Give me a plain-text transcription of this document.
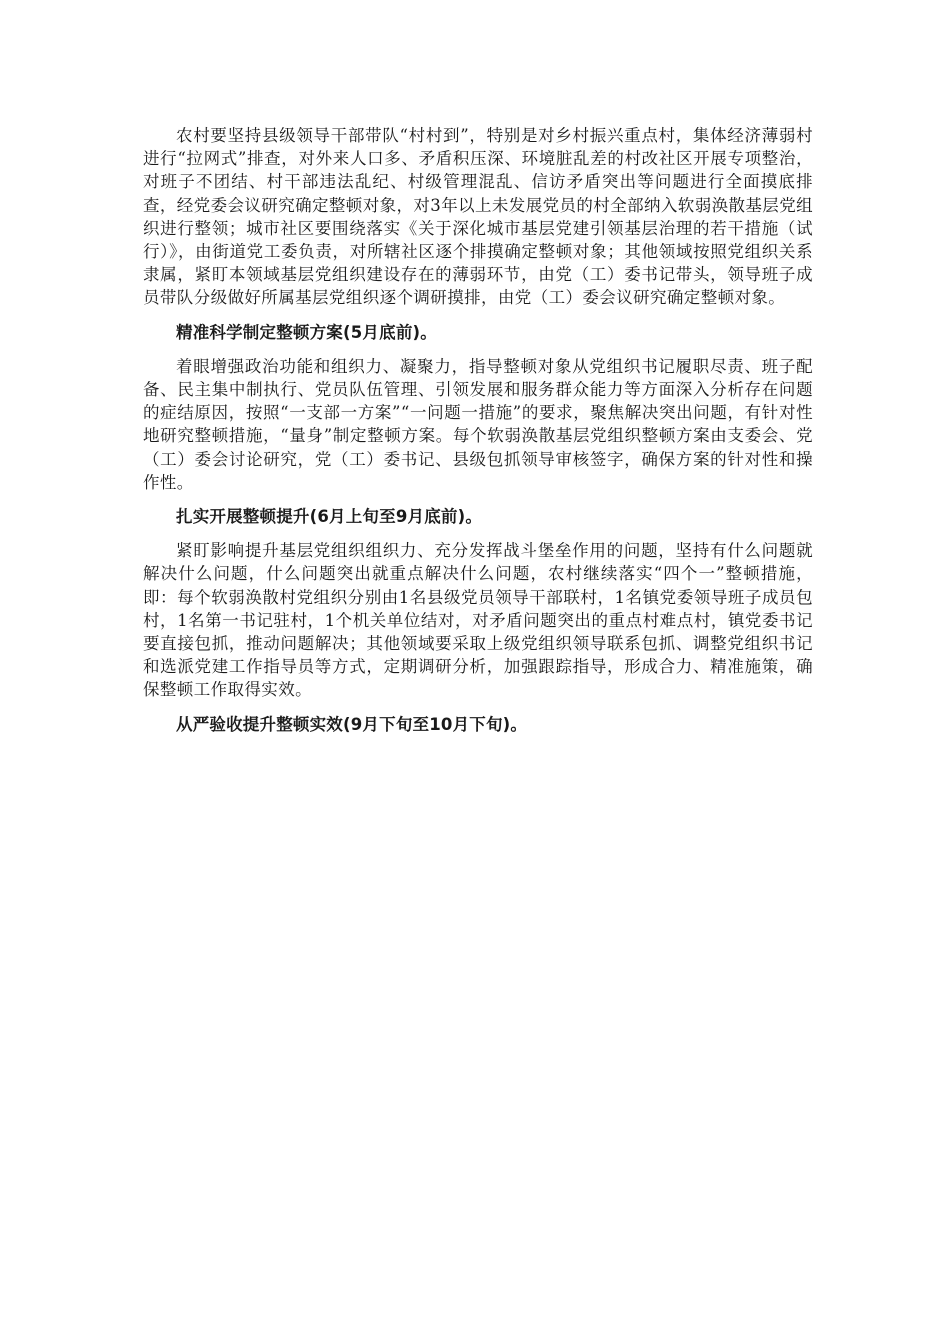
农村要坚持县级领导干部带队“村村到”，特别是对乡村振兴重点村，集体经济薄弱村进行“拉网式”排查，对外来人口多、矛盾积压深、环境脏乱差的村改社区开展专项整治，对班子不团结、村干部违法乱纪、村级管理混乱、信访矛盾突出等问题进行全面摸底排查，经党委会议研究确定整顿对象，对3年以上未发展党员的村全部纳入软弱涣散基层党组织进行整领；城市社区要围绕落实《关于深化城市基层党建引领基层治理的若干措施（试行）》，由街道党工委负责，对所辖社区逐个排摸确定整顿对象；其他领域按照党组织关系隶属，紧盯本领域基层党组织建设存在的薄弱环节，由党（工）委书记带头，领导班子成员带队分级做好所属基层党组织逐个调研摸排，由党（工）委会议研究确定整顿对象。

精准科学制定整顿方案(5月底前)。

着眼增强政治功能和组织力、凝聚力，指导整顿对象从党组织书记履职尽责、班子配备、民主集中制执行、党员队伍管理、引领发展和服务群众能力等方面深入分析存在问题的症结原因，按照“一支部一方案”“一问题一措施”的要求，聚焦解决突出问题，有针对性地研究整顿措施，“量身”制定整顿方案。每个软弱涣散基层党组织整顿方案由支委会、党（工）委会讨论研究，党（工）委书记、县级包抓领导审核签字，确保方案的针对性和操作性。

扎实开展整顿提升(6月上旬至9月底前)。

紧盯影响提升基层党组织组织力、充分发挥战斗堡垒作用的问题，坚持有什么问题就解决什么问题，什么问题突出就重点解决什么问题，农村继续落实“四个一”整顿措施，即：每个软弱涣散村党组织分别由1名县级党员领导干部联村，1名镇党委领导班子成员包村，1名第一书记驻村，1个机关单位结对，对矛盾问题突出的重点村难点村，镇党委书记要直接包抓，推动问题解决；其他领域要采取上级党组织领导联系包抓、调整党组织书记和选派党建工作指导员等方式，定期调研分析，加强跟踪指导，形成合力、精准施策，确保整顿工作取得实效。

从严验收提升整顿实效(9月下旬至10月下旬)。
